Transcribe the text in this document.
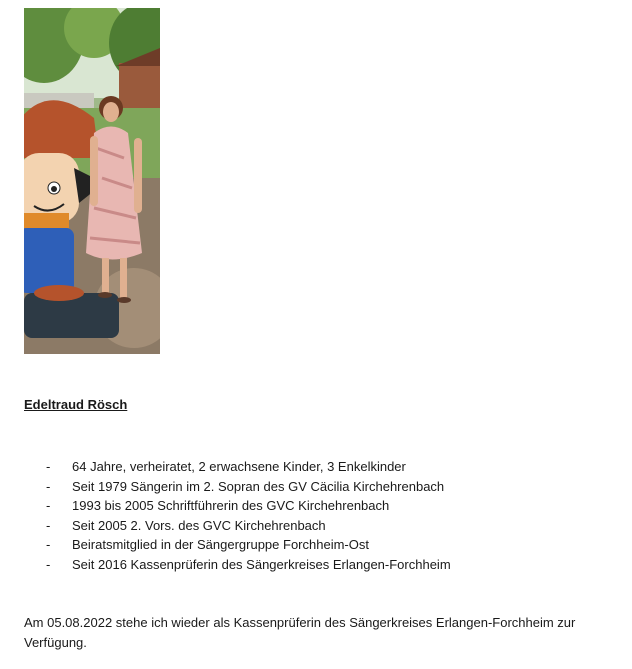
Edeltraud Rösch

- 64 Jahre, verheiratet, 2 erwachsene Kinder, 3 Enkelkinder
- Seit 1979 Sängerin im 2. Sopran des GV Cäcilia Kirchehrenbach
- 1993 bis 2005 Schriftführerin des GVC Kirchehrenbach
- Seit 2005 2. Vors. des GVC Kirchehrenbach
- Beiratsmitglied in der Sängergruppe Forchheim-Ost
- Seit 2016 Kassenprüferin des Sängerkreises Erlangen-Forchheim

Am 05.08.2022 stehe ich wieder als Kassenprüferin des Sängerkreises Erlangen-Forchheim zur Verfügung.
